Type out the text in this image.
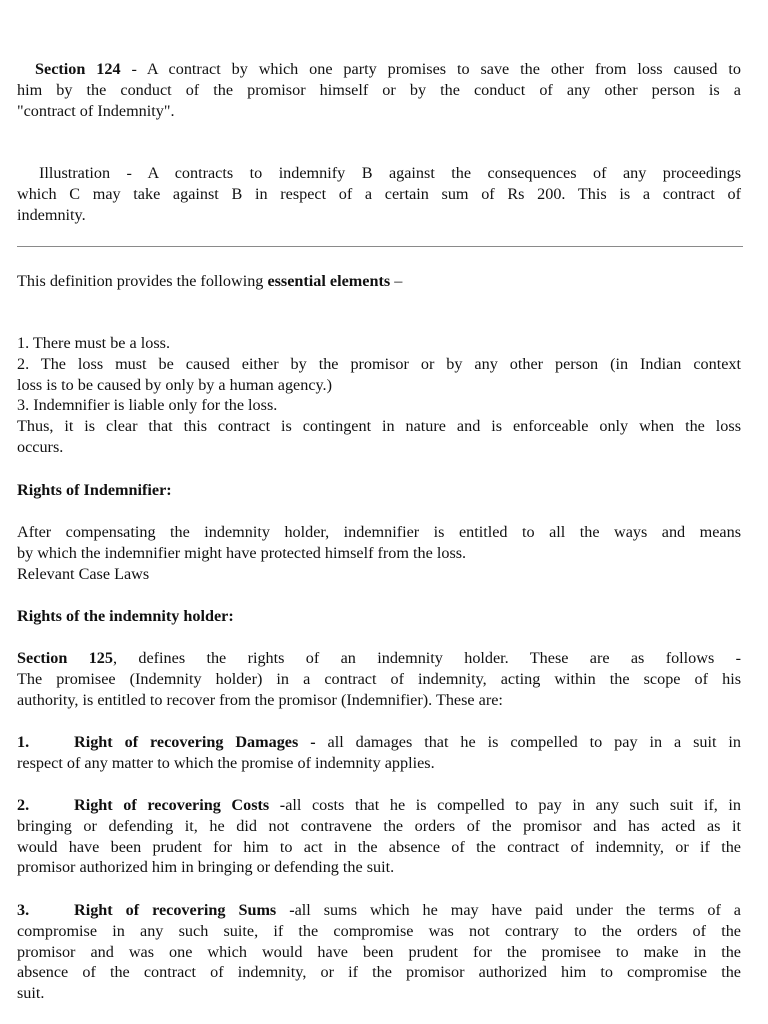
Section 124 - A contract by which one party promises to save the other from loss caused to
him by the conduct of the promisor himself or by the conduct of any other person is a
"contract of Indemnity".
Illustration - A contracts to indemnify B against the consequences of any proceedings
which C may take against B in respect of a certain sum of Rs 200. This is a contract of
indemnity.
This definition provides the following essential elements –
1. There must be a loss.
2. The loss must be caused either by the promisor or by any other person (in Indian context
loss is to be caused by only by a human agency.)
3. Indemnifier is liable only for the loss.
Thus, it is clear that this contract is contingent in nature and is enforceable only when the loss
occurs.
Rights of Indemnifier:
After compensating the indemnity holder, indemnifier is entitled to all the ways and means
by which the indemnifier might have protected himself from the loss.
Relevant Case Laws
Rights of the indemnity holder:
Section 125, defines the rights of an indemnity holder. These are as follows -
The promisee (Indemnity holder) in a contract of indemnity, acting within the scope of his
authority, is entitled to recover from the promisor (Indemnifier). These are:
1.	Right of recovering Damages - all damages that he is compelled to pay in a suit in
respect of any matter to which the promise of indemnity applies.
2.	Right of recovering Costs -all costs that he is compelled to pay in any such suit if, in
bringing or defending it, he did not contravene the orders of the promisor and has acted as it
would have been prudent for him to act in the absence of the contract of indemnity, or if the
promisor authorized him in bringing or defending the suit.
3.	Right of recovering Sums -all sums which he may have paid under the terms of a
compromise in any such suite, if the compromise was not contrary to the orders of the
promisor and was one which would have been prudent for the promisee to make in the
absence of the contract of indemnity, or if the promisor authorized him to compromise the
suit.
